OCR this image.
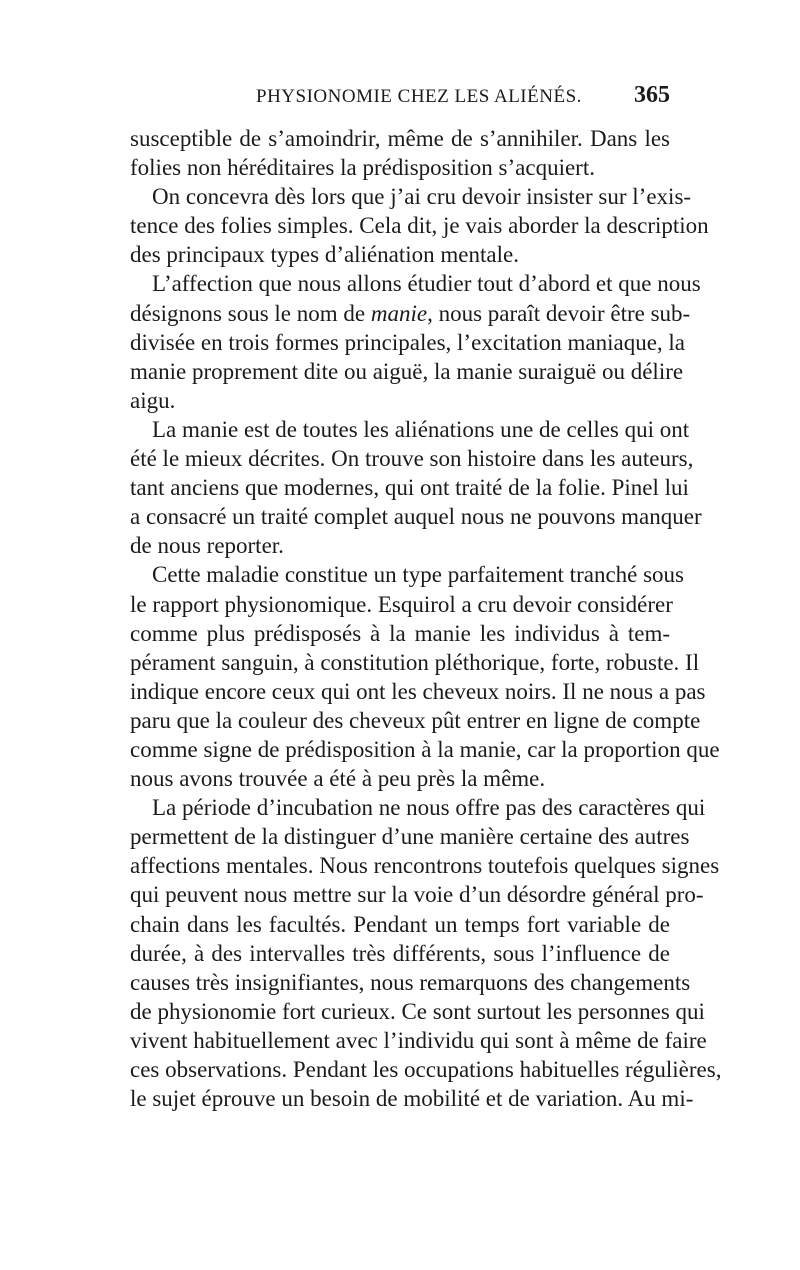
PHYSIONOMIE CHEZ LES ALIÉNÉS. 365
susceptible de s’amoindrir, même de s’annihiler. Dans les
folies non héréditaires la prédisposition s’acquiert.
On concevra dès lors que j’ai cru devoir insister sur l’exis-
tence des folies simples. Cela dit, je vais aborder la description
des principaux types d’aliénation mentale.
L’affection que nous allons étudier tout d’abord et que nous
désignons sous le nom de manie, nous paraît devoir être sub-
divisée en trois formes principales, l’excitation maniaque, la
manie proprement dite ou aiguë, la manie suraiguë ou délire
aigu.
La manie est de toutes les aliénations une de celles qui ont
été le mieux décrites. On trouve son histoire dans les auteurs,
tant anciens que modernes, qui ont traité de la folie. Pinel lui
a consacré un traité complet auquel nous ne pouvons manquer
de nous reporter.
Cette maladie constitue un type parfaitement tranché sous
le rapport physionomique. Esquirol a cru devoir considérer
comme plus prédisposés à la manie les individus à tem-
pérament sanguin, à constitution pléthorique, forte, robuste. Il
indique encore ceux qui ont les cheveux noirs. Il ne nous a pas
paru que la couleur des cheveux pût entrer en ligne de compte
comme signe de prédisposition à la manie, car la proportion que
nous avons trouvée a été à peu près la même.
La période d’incubation ne nous offre pas des caractères qui
permettent de la distinguer d’une manière certaine des autres
affections mentales. Nous rencontrons toutefois quelques signes
qui peuvent nous mettre sur la voie d’un désordre général pro-
chain dans les facultés. Pendant un temps fort variable de
durée, à des intervalles très différents, sous l’influence de
causes très insignifiantes, nous remarquons des changements
de physionomie fort curieux. Ce sont surtout les personnes qui
vivent habituellement avec l’individu qui sont à même de faire
ces observations. Pendant les occupations habituelles régulières,
le sujet éprouve un besoin de mobilité et de variation. Au mi-
